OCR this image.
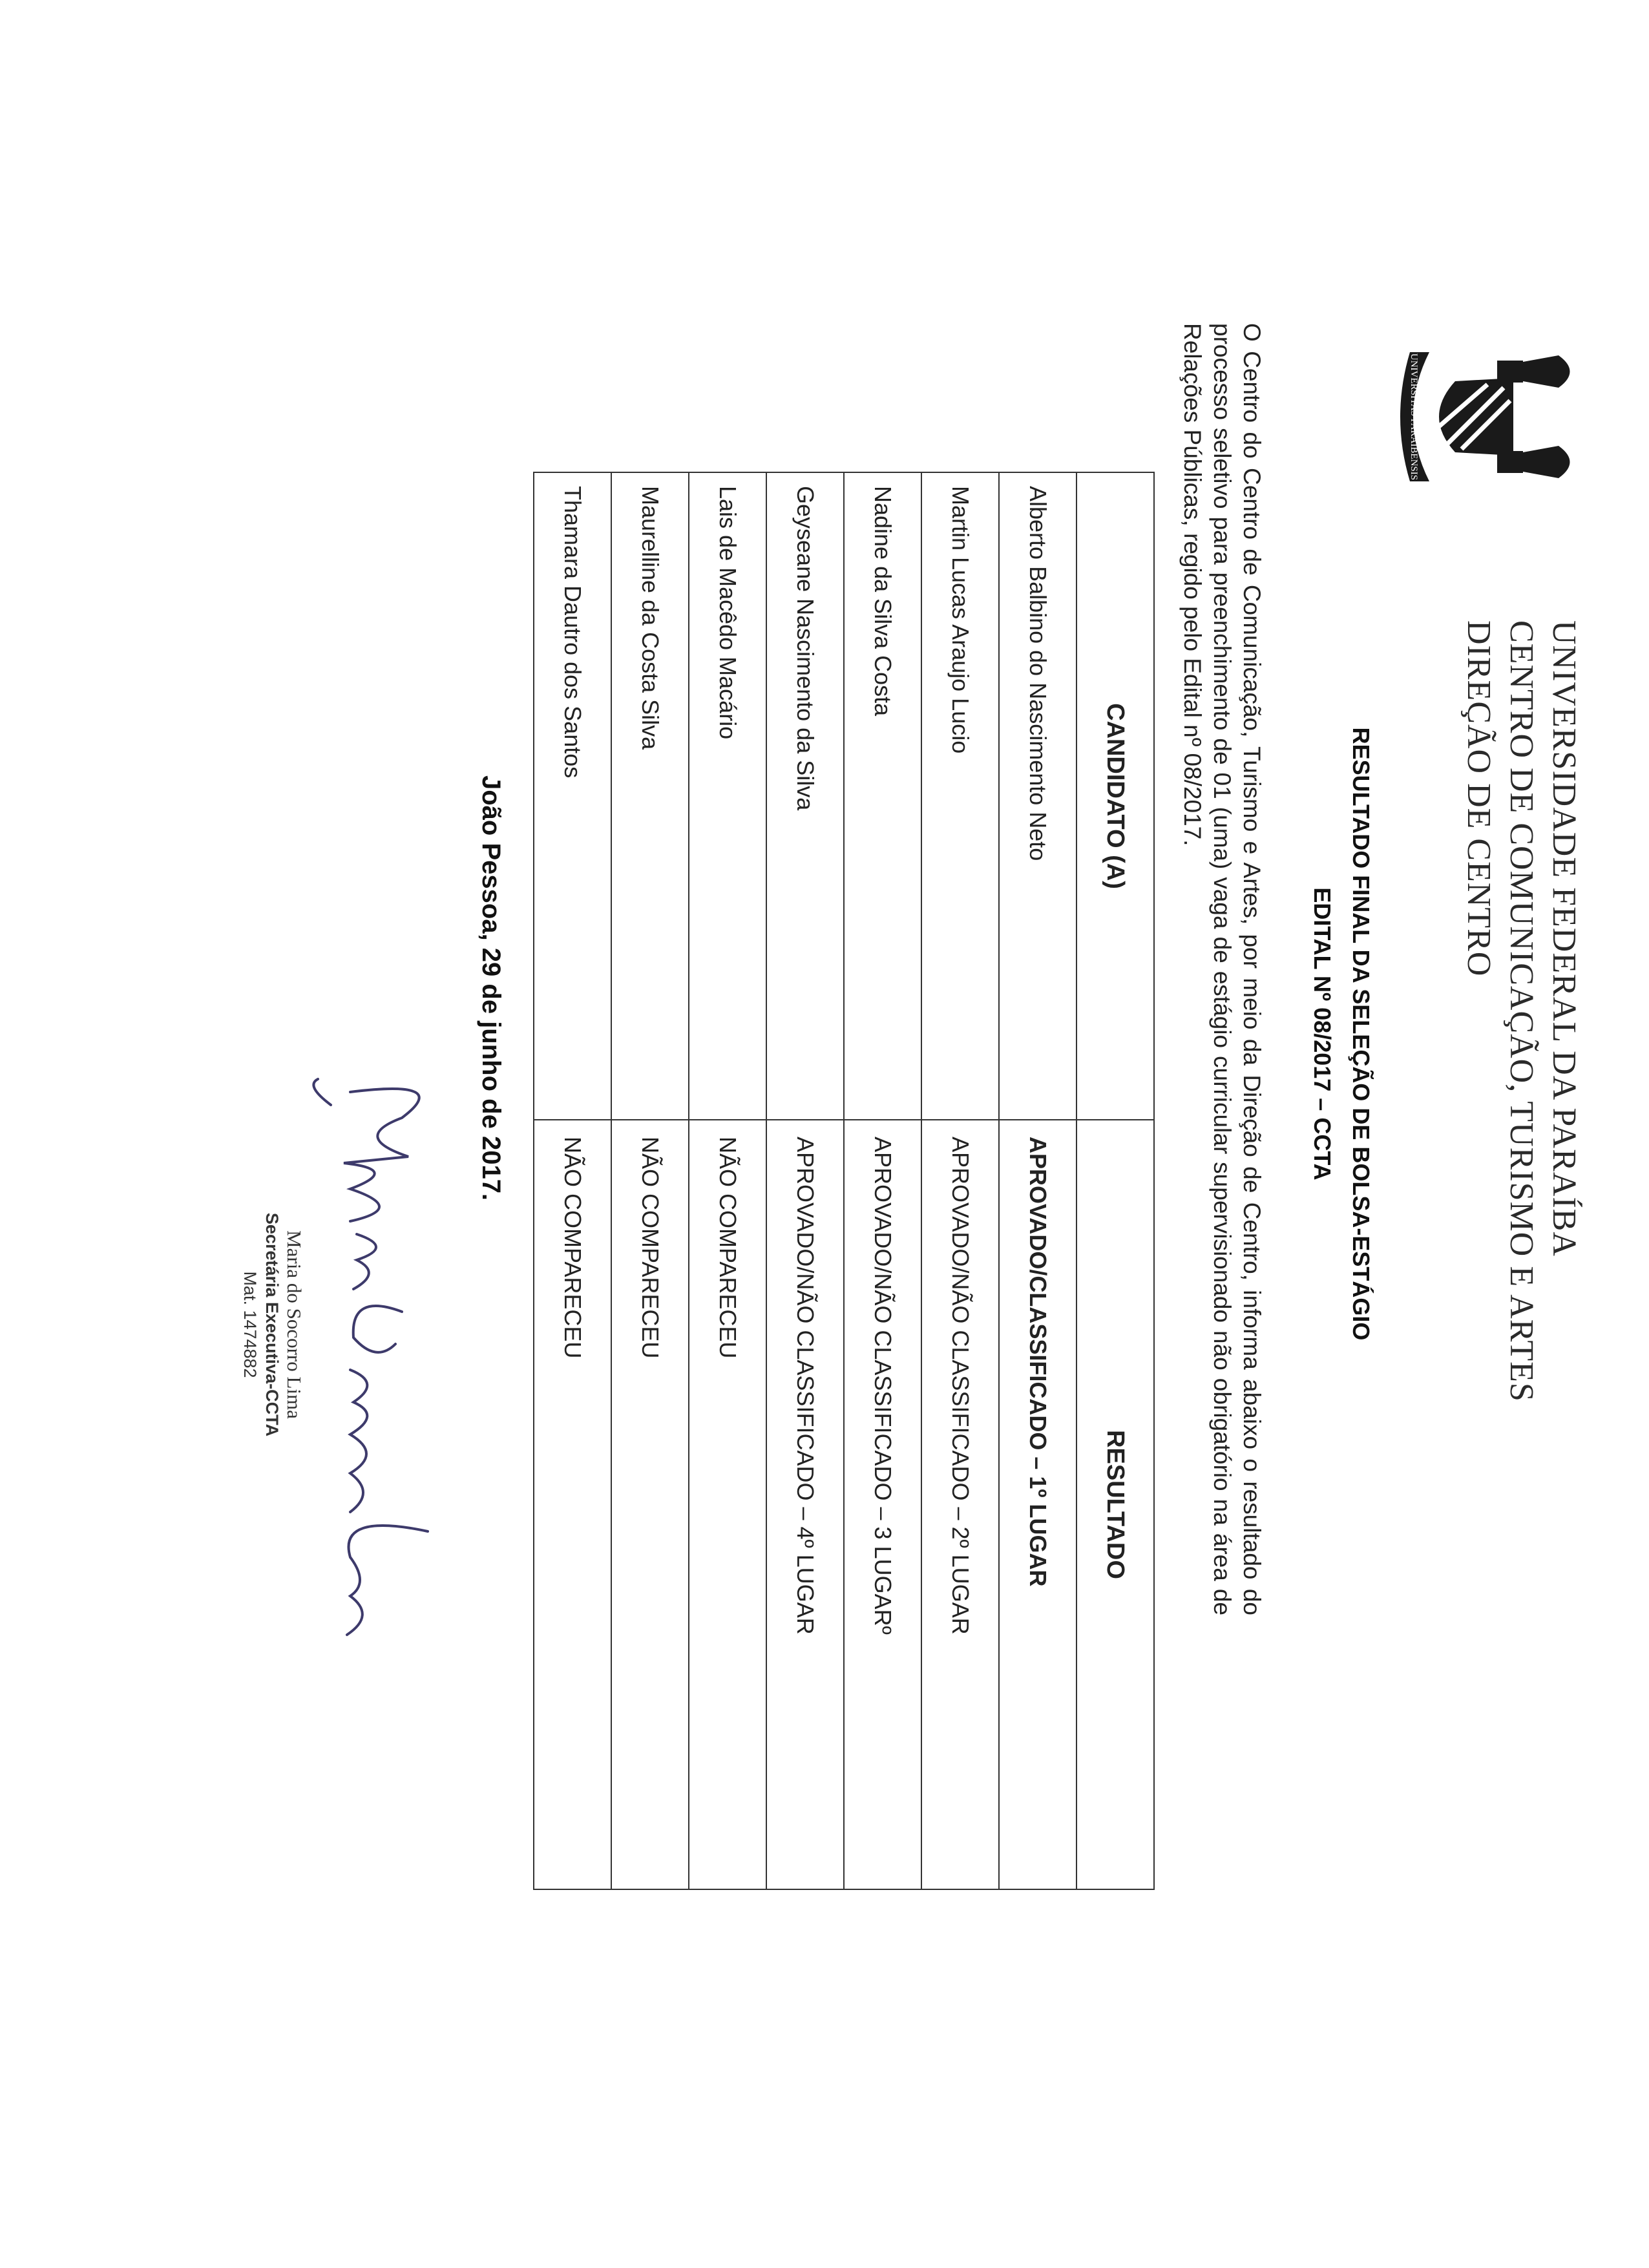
UNIVERSITAS PARAIBENSIS
UNIVERSIDADE FEDERAL DA PARAÍBA
CENTRO DE COMUNICAÇÃO, TURISMO E ARTES
DIREÇÃO DE CENTRO
RESULTADO FINAL DA SELEÇÃO DE BOLSA-ESTÁGIO
EDITAL Nº 08/2017 – CCTA

O Centro do Centro de Comunicação, Turismo e Artes, por meio da Direção de Centro, informa abaixo o resultado do processo seletivo para preenchimento de 01 (uma) vaga de estágio curricular supervisionado não obrigatório na área de Relações Públicas, regido pelo Edital nº 08/2017.

CANDIDATO (A)	RESULTADO
Alberto Balbino do Nascimento Neto	APROVADO/CLASSIFICADO – 1º LUGAR
Martin Lucas Araujo Lucio	APROVADO/NÃO CLASSIFICADO – 2º LUGAR
Nadine da Silva Costa	APROVADO/NÃO CLASSIFICADO – 3 LUGARº
Geyseane Nascimento da Silva	APROVADO/NÃO CLASSIFICADO – 4º LUGAR
Lais de Macêdo Macário	NÃO COMPARECEU
Maurelline da Costa Silva	NÃO COMPARECEU
Thamara Dautro dos Santos	NÃO COMPARECEU
João Pessoa, 29 de junho de 2017.
Maria do Socorro Lima
Secretária Executiva-CCTA
Mat. 1474882
